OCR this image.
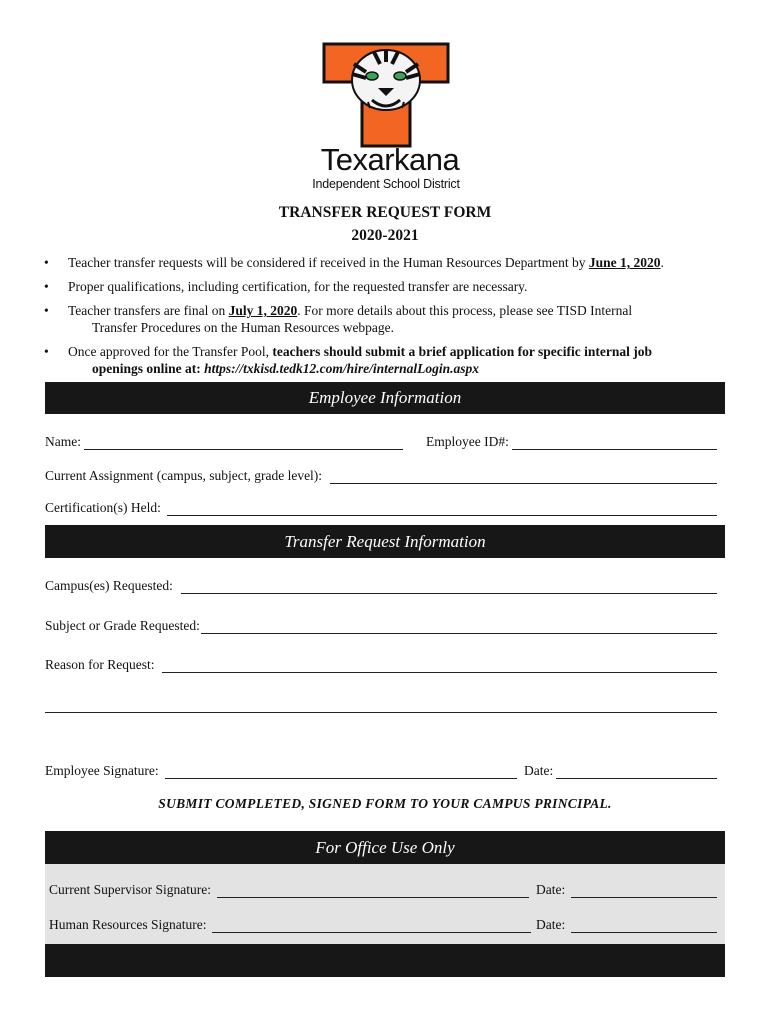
Texarkana
Independent School District
TRANSFER REQUEST FORM
2020-2021
• Teacher transfer requests will be considered if received in the Human Resources Department by June 1, 2020.
• Proper qualifications, including certification, for the requested transfer are necessary.
• Teacher transfers are final on July 1, 2020. For more details about this process, please see TISD Internal
Transfer Procedures on the Human Resources webpage.
• Once approved for the Transfer Pool, teachers should submit a brief application for specific internal job
openings online at: https://txkisd.tedk12.com/hire/internalLogin.aspx
Employee Information
Name:	Employee ID#:
Current Assignment (campus, subject, grade level):
Certification(s) Held:
Transfer Request Information
Campus(es) Requested:
Subject or Grade Requested:
Reason for Request:
Employee Signature:	Date:
SUBMIT COMPLETED, SIGNED FORM TO YOUR CAMPUS PRINCIPAL.
For Office Use Only
Current Supervisor Signature:	Date:
Human Resources Signature:	Date:
